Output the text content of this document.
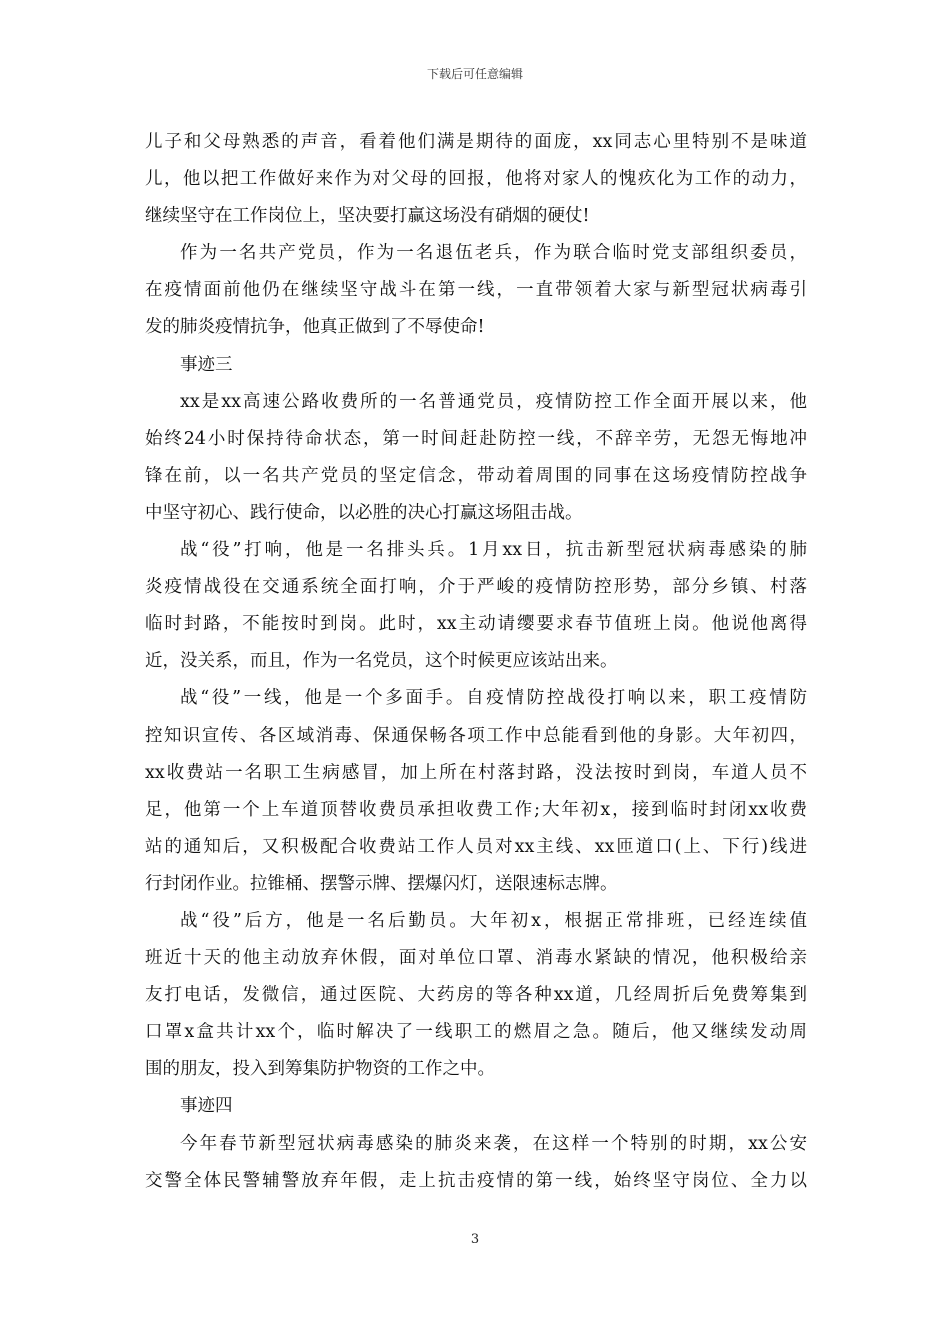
下载后可任意编辑
儿子和父母熟悉的声音，看着他们满是期待的面庞，xx同志心里特别不是味道
儿，他以把工作做好来作为对父母的回报，他将对家人的愧疚化为工作的动力，
继续坚守在工作岗位上，坚决要打赢这场没有硝烟的硬仗!
作为一名共产党员，作为一名退伍老兵，作为联合临时党支部组织委员，
在疫情面前他仍在继续坚守战斗在第一线，一直带领着大家与新型冠状病毒引
发的肺炎疫情抗争，他真正做到了不辱使命!
事迹三
xx是xx高速公路收费所的一名普通党员，疫情防控工作全面开展以来，他
始终24小时保持待命状态，第一时间赶赴防控一线，不辞辛劳，无怨无悔地冲
锋在前，以一名共产党员的坚定信念，带动着周围的同事在这场疫情防控战争
中坚守初心、践行使命，以必胜的决心打赢这场阻击战。
战“役”打响，他是一名排头兵。1月xx日，抗击新型冠状病毒感染的肺
炎疫情战役在交通系统全面打响，介于严峻的疫情防控形势，部分乡镇、村落
临时封路，不能按时到岗。此时，xx主动请缨要求春节值班上岗。他说他离得
近，没关系，而且，作为一名党员，这个时候更应该站出来。
战“役”一线，他是一个多面手。自疫情防控战役打响以来，职工疫情防
控知识宣传、各区域消毒、保通保畅各项工作中总能看到他的身影。大年初四，
xx收费站一名职工生病感冒，加上所在村落封路，没法按时到岗，车道人员不
足，他第一个上车道顶替收费员承担收费工作;大年初x，接到临时封闭xx收费
站的通知后，又积极配合收费站工作人员对xx主线、xx匝道口(上、下行)线进
行封闭作业。拉锥桶、摆警示牌、摆爆闪灯，送限速标志牌。
战“役”后方，他是一名后勤员。大年初x，根据正常排班，已经连续值
班近十天的他主动放弃休假，面对单位口罩、消毒水紧缺的情况，他积极给亲
友打电话，发微信，通过医院、大药房的等各种xx道，几经周折后免费筹集到
口罩x盒共计xx个，临时解决了一线职工的燃眉之急。随后，他又继续发动周
围的朋友，投入到筹集防护物资的工作之中。
事迹四
今年春节新型冠状病毒感染的肺炎来袭，在这样一个特别的时期，xx公安
交警全体民警辅警放弃年假，走上抗击疫情的第一线，始终坚守岗位、全力以
3
